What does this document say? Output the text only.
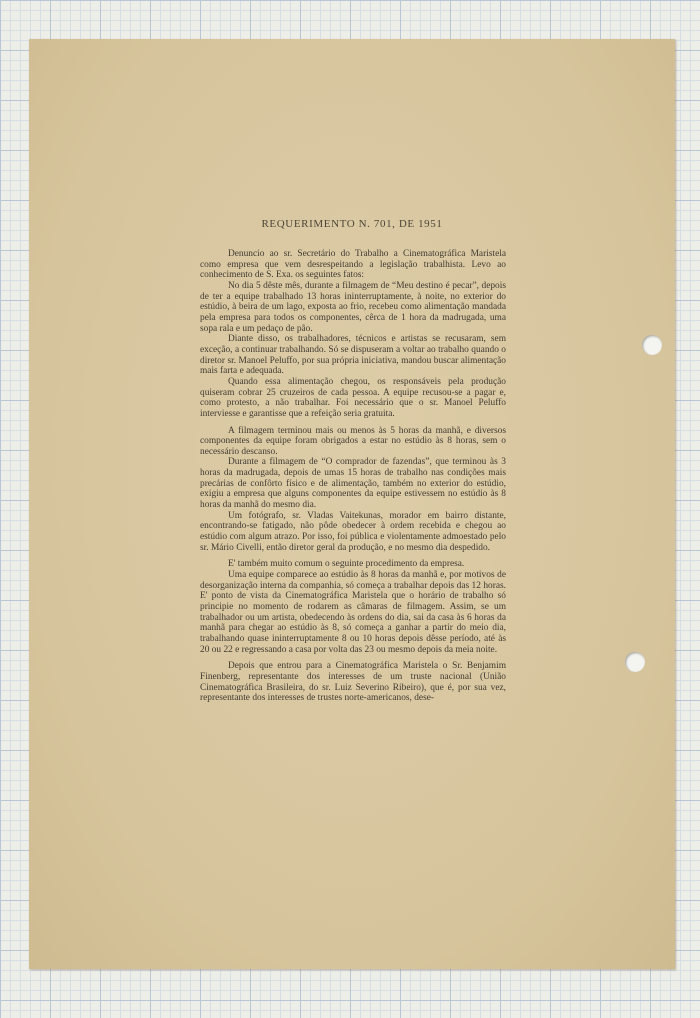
REQUERIMENTO N. 701, DE 1951

Denuncio ao sr. Secretário do Trabalho a Cinematográfica Maristela como empresa que vem desrespeitando a legislação trabalhista. Levo ao conhecimento de S. Exa. os seguintes fatos:

No dia 5 dêste mês, durante a filmagem de “Meu destino é pecar”, depois de ter a equipe trabalhado 13 horas ininterruptamente, à noite, no exterior do estúdio, à beira de um lago, exposta ao frio, recebeu como alimentação mandada pela empresa para todos os componentes, cêrca de 1 hora da madrugada, uma sopa rala e um pedaço de pão.

Diante disso, os trabalhadores, técnicos e artistas se recusaram, sem exceção, a continuar trabalhando. Só se dispuseram a voltar ao trabalho quando o diretor sr. Manoel Peluffo, por sua própria iniciativa, mandou buscar alimentação mais farta e adequada.

Quando essa alimentação chegou, os responsáveis pela produção quiseram cobrar 25 cruzeiros de cada pessoa. A equipe recusou-se a pagar e, como protesto, a não trabalhar. Foi necessário que o sr. Manoel Peluffo interviesse e garantisse que a refeição seria gratuita.

A filmagem terminou mais ou menos às 5 horas da manhã, e diversos componentes da equipe foram obrigados a estar no estúdio às 8 horas, sem o necessário descanso.

Durante a filmagem de “O comprador de fazendas”, que terminou às 3 horas da madrugada, depois de umas 15 horas de trabalho nas condições mais precárias de confôrto físico e de alimentação, também no exterior do estúdio, exigiu a empresa que alguns componentes da equipe estivessem no estúdio às 8 horas da manhã do mesmo dia.

Um fotógrafo, sr. Vladas Vaitekunas, morador em bairro distante, encontrando-se fatigado, não pôde obedecer à ordem recebida e chegou ao estúdio com algum atrazo. Por isso, foi pública e violentamente admoestado pelo sr. Mário Civelli, então diretor geral da produção, e no mesmo dia despedido.

E' também muito comum o seguinte procedimento da empresa.

Uma equipe comparece ao estúdio às 8 horas da manhã e, por motivos de desorganização interna da companhia, só começa a trabalhar depois das 12 horas. E' ponto de vista da Cinematográfica Maristela que o horário de trabalho só principie no momento de rodarem as câmaras de filmagem. Assim, se um trabalhador ou um artista, obedecendo às ordens do dia, sai da casa às 6 horas da manhã para chegar ao estúdio às 8, só começa a ganhar a partir do meio dia, trabalhando quase ininterruptamente 8 ou 10 horas depois dêsse período, até às 20 ou 22 e regressando a casa por volta das 23 ou mesmo depois da meia noite.

Depois que entrou para a Cinematográfica Maristela o Sr. Benjamim Finenberg, representante dos interesses de um truste nacional (União Cinematográfica Brasileira, do sr. Luiz Severino Ribeiro), que é, por sua vez, representante dos interesses de trustes norte-americanos, dese-
